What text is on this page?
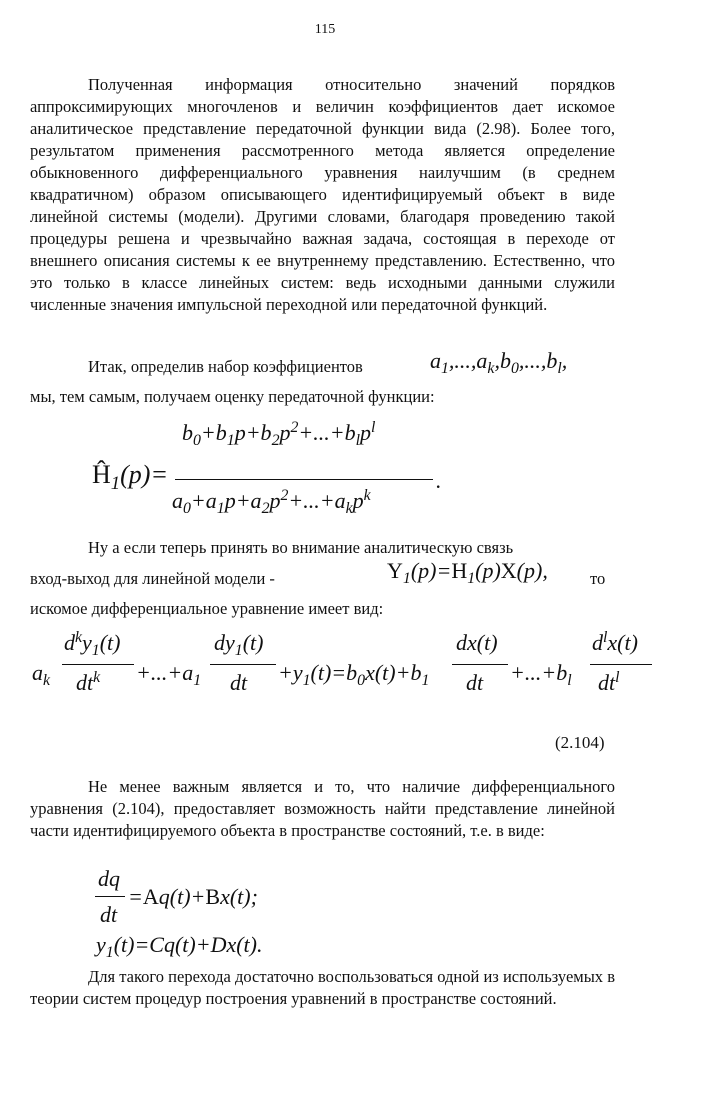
115

Полученная информация относительно значений порядков аппроксимирующих многочленов и величин коэффициентов дает искомое аналитическое представление передаточной функции вида (2.98). Более того, результатом применения рассмотренного метода является определение обыкновенного дифференциального уравнения наилучшим (в среднем квадратичном) образом описывающего идентифицируемый объект в виде линейной системы (модели). Другими словами, благодаря проведению такой процедуры решена и чрезвычайно важная задача, состоящая в переходе от внешнего описания системы к ее внутреннему представлению. Естественно, что это только в классе линейных систем: ведь исходными данными служили численные значения импульсной переходной или передаточной функций.

Итак, определив набор коэффициентов	$a_1,...,a_k,b_0,...,b_l$,
мы, тем самым, получаем оценку передаточной функции:
$Ĥ_1(p)=$
$b_0+b_1p+b_2p^2+...+b_lp^l$
$a_0+a_1p+a_2p^2+...+a_kp^k$
.
Ну а если теперь принять во внимание аналитическую связь
вход-выход для линейной модели -	$Y_1(p)=H_1(p)X(p)$,	то
искомое дифференциальное уравнение имеет вид:
$a_k$
$d^ky_1(t)$
$dt^k +...+a_1$
$dy_1(t)$
dt $+y_1(t)=b_0x(t)+b_1$
dx(t)
dt $+...+b_l$
$d^lx(t)$
$dt^l$
(2.104)

Не менее важным является и то, что наличие дифференциального уравнения (2.104), предоставляет возможность найти представление линейной части идентифицируемого объекта в пространстве состояний, т.е. в виде:

dq
dt
=Aq(t)+Bx(t);
$y_1(t)=Cq(t)+Dx(t)$.

Для такого перехода достаточно воспользоваться одной из используемых в теории систем процедур построения уравнений в пространстве состояний.
